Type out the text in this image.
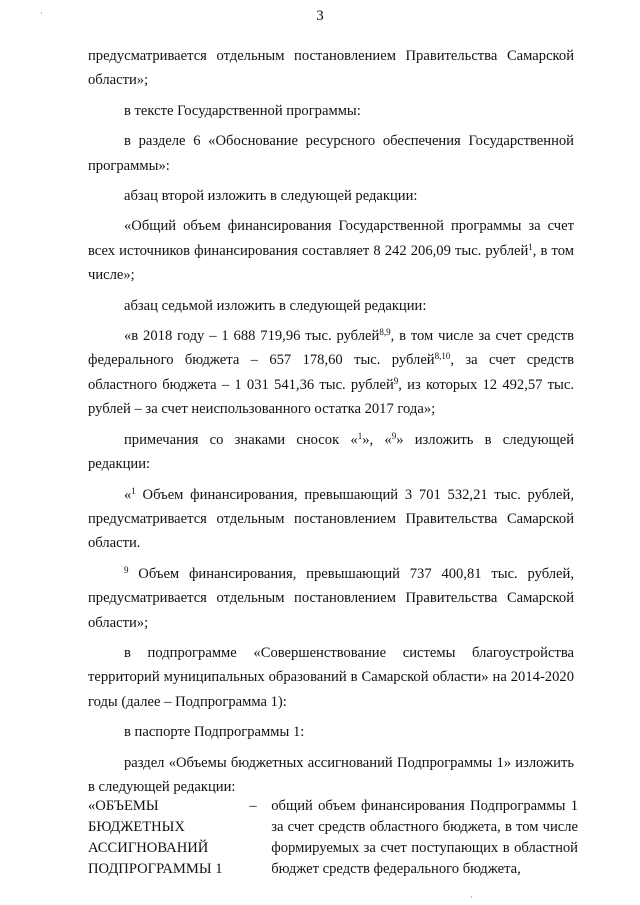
3

предусматривается отдельным постановлением Правительства Самарской области»;

в тексте Государственной программы:

в разделе 6 «Обоснование ресурсного обеспечения Государственной программы»:

абзац второй изложить в следующей редакции:

«Общий объем финансирования Государственной программы за счет всех источников финансирования составляет 8 242 206,09 тыс. рублей$^1$, в том числе»;

абзац седьмой изложить в следующей редакции:

«в 2018 году – 1 688 719,96 тыс. рублей$^{8,9}$, в том числе за счет средств федерального бюджета – 657 178,60 тыс. рублей$^{8,10}$, за счет средств областного бюджета – 1 031 541,36 тыс. рублей$^9$, из которых 12 492,57 тыс. рублей – за счет неиспользованного остатка 2017 года»;

примечания со знаками сносок «$^1$», «$^9$» изложить в следующей редакции:

«$^1$ Объем финансирования, превышающий 3 701 532,21 тыс. рублей, предусматривается отдельным постановлением Правительства Самарской области.

$^9$ Объем финансирования, превышающий 737 400,81 тыс. рублей, предусматривается отдельным постановлением Правительства Самарской области»;

в подпрограмме «Совершенствование системы благоустройства территорий муниципальных образований в Самарской области» на 2014-2020 годы (далее – Подпрограмма 1):

в паспорте Подпрограммы 1:

раздел «Объемы бюджетных ассигнований Подпрограммы 1» изложить в следующей редакции:

«ОБЪЕМЫ БЮДЖЕТНЫХ АССИГНОВАНИЙ ПОДПРОГРАММЫ 1
–	общий объем финансирования Подпрограммы 1 за счет средств областного бюджета, в том числе формируемых за счет поступающих в областной бюджет средств федерального бюджета,
·
·
